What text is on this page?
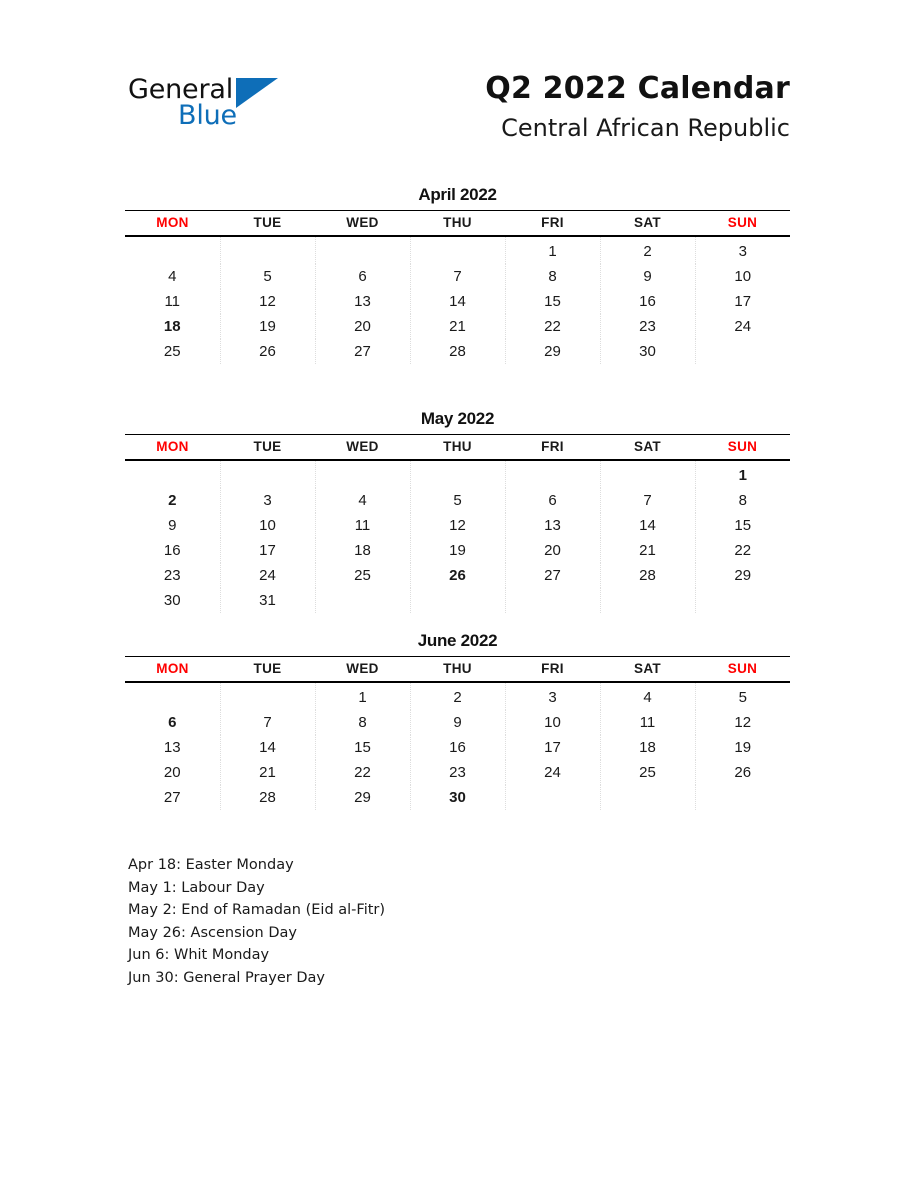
General
Blue
Q2 2022 Calendar
Central African Republic
April 2022
MON	TUE	WED	THU	FRI	SAT	SUN
				1	2	3
4	5	6	7	8	9	10
11	12	13	14	15	16	17
18	19	20	21	22	23	24
25	26	27	28	29	30	
May 2022
MON	TUE	WED	THU	FRI	SAT	SUN
						1
2	3	4	5	6	7	8
9	10	11	12	13	14	15
16	17	18	19	20	21	22
23	24	25	26	27	28	29
30	31					
June 2022
MON	TUE	WED	THU	FRI	SAT	SUN
		1	2	3	4	5
6	7	8	9	10	11	12
13	14	15	16	17	18	19
20	21	22	23	24	25	26
27	28	29	30			
Apr 18: Easter Monday
May 1: Labour Day
May 2: End of Ramadan (Eid al-Fitr)
May 26: Ascension Day
Jun 6: Whit Monday
Jun 30: General Prayer Day
